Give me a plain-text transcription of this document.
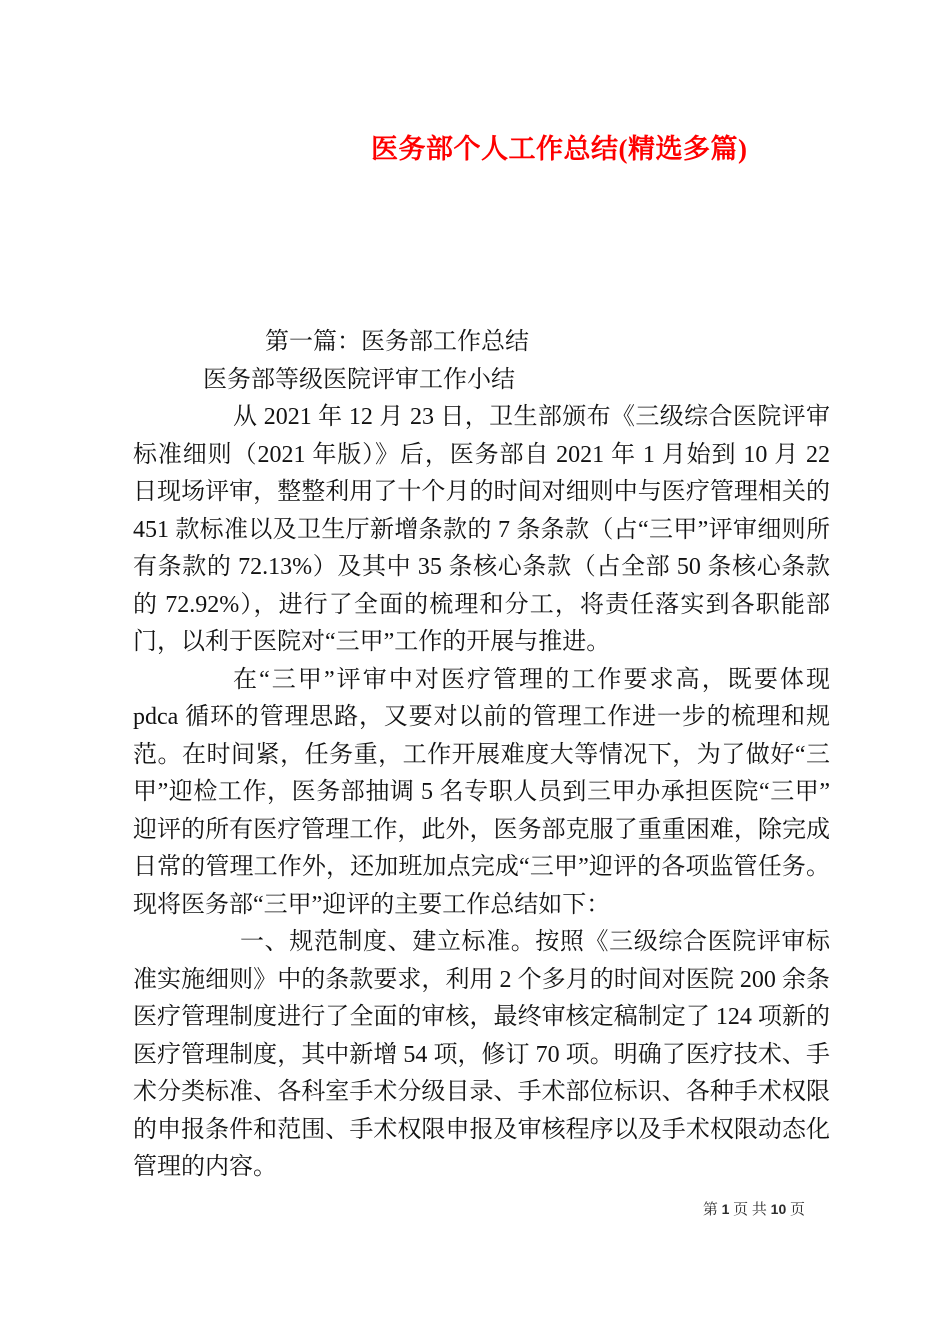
医务部个人工作总结(精选多篇)

第一篇：医务部工作总结

医务部等级医院评审工作小结

从 2021 年 12 月 23 日，卫生部颁布《三级综合医院评审标准细则（2021 年版）》后，医务部自 2021 年 1 月始到 10 月 22 日现场评审，整整利用了十个月的时间对细则中与医疗管理相关的 451 款标准以及卫生厅新增条款的 7 条条款（占“三甲”评审细则所有条款的 72.13%）及其中 35 条核心条款（占全部 50 条核心条款的 72.92%），进行了全面的梳理和分工，将责任落实到各职能部门，以利于医院对“三甲”工作的开展与推进。

在“三甲”评审中对医疗管理的工作要求高，既要体现 pdca 循环的管理思路，又要对以前的管理工作进一步的梳理和规范。在时间紧，任务重，工作开展难度大等情况下，为了做好“三甲”迎检工作，医务部抽调 5 名专职人员到三甲办承担医院“三甲”迎评的所有医疗管理工作，此外，医务部克服了重重困难，除完成日常的管理工作外，还加班加点完成“三甲”迎评的各项监管任务。现将医务部“三甲”迎评的主要工作总结如下：

一、规范制度、建立标准。按照《三级综合医院评审标准实施细则》中的条款要求，利用 2 个多月的时间对医院 200 余条医疗管理制度进行了全面的审核，最终审核定稿制定了 124 项新的医疗管理制度，其中新增 54 项，修订 70 项。明确了医疗技术、手术分类标准、各科室手术分级目录、手术部位标识、各种手术权限的申报条件和范围、手术权限申报及审核程序以及手术权限动态化管理的内容。

第 1 页 共 10 页
